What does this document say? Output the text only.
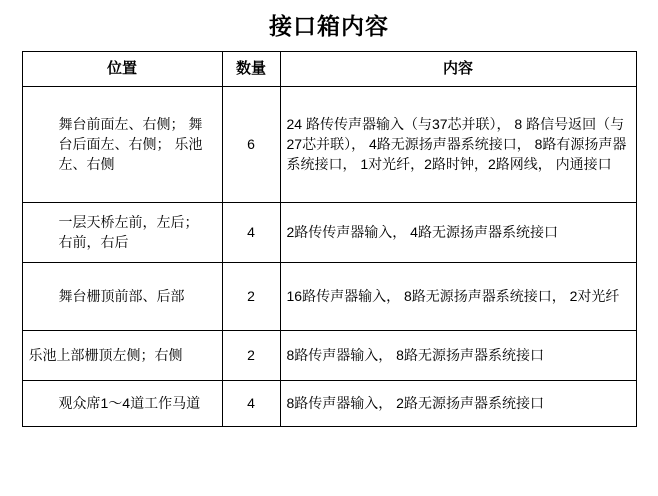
接口箱内容
位置	数量	内容
舞台前面左、右侧； 舞台后面左、右侧； 乐池左、右侧	6	24 路传传声器输入（与37芯并联）， 8 路信号返回（与27芯并联）， 4路无源扬声器系统接口， 8路有源扬声器系统接口， 1对光纤，2路时钟，2路网线， 内通接口
一层天桥左前，左后； 右前，右后	4	2路传传声器输入， 4路无源扬声器系统接口
舞台栅顶前部、后部	2	16路传声器输入， 8路无源扬声器系统接口， 2对光纤
乐池上部栅顶左侧；右侧	2	8路传声器输入， 8路无源扬声器系统接口
观众席1～4道工作马道	4	8路传声器输入， 2路无源扬声器系统接口
